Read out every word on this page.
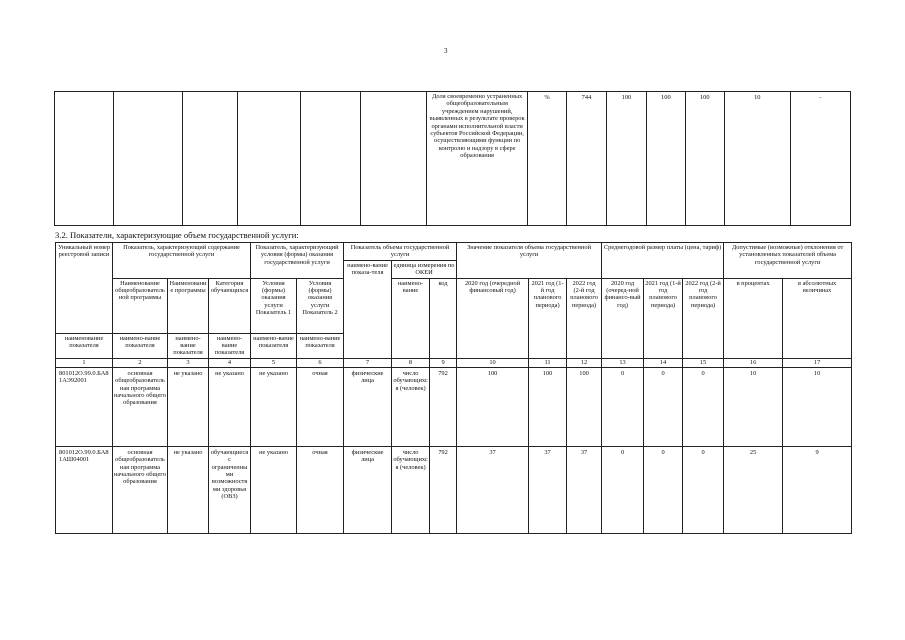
3
						Доля своевременно устраненных общеобразовательным учреждением нарушений, выявленных в результате проверок органами исполнительной власти субъектов Российской Федерации, осуществляющими функции по контролю и надзору в сфере образования	%	744	100	100	100	10	-
3.2. Показатели, характеризующие объем государственной услуги:
Уникальный номер реестровой записи	Показатель, характеризующий содержание государственной услуги			Показатель, характеризующий условия (формы) оказания государственной услуги		Показатель объема государственной услуги			Значение показателя объема государственной услуги			Среднегодовой размер платы (цена, тариф)			Допустимые (возможные) отклонения от установленных показателей объема государственной услуги	
						наимено-вание показа-теля	единица измерения по ОКЕИ									
	Наименование общеобразовательной программы	Наименование программы	Категория обучающихся	Условия (формы) оказания услуги Показатель 1	Условия (формы) оказания услуги Показатель 2		наимено-вание	код	2020 год (очередной финансовый год)	2021 год (1-й год планового периода)	2022 год (2-й год планового периода)	2020 год (очеред-ной финансо-вый год)	2021 год (1-й год планового периода)	2022 год (2-й год планового периода)	в процентах	в абсолютных величинах
наименование показателя	наимено-вание показателя	наимено-вание показателя	наимено-вание показателя	наимено-вание показателя	наимено-вание показателя											
1	2	3	4	5	6	7	8	9	10	11	12	13	14	15	16	17
801012О.99.0.БА81АЭ92001	основная общеобразовательная программа начального общего образования	не указано	не указано	не указано	очная	физические лица	число обучающихся (человек)	792	100	100	100	0	0	0	10	10
801012О.99.0.БА81АШ04001	основная общеобразовательная программа начального общего образования	не указано	обучающиеся с ограниченными возможностями здоровья (ОВЗ)	не указано	очная	физические лица	число обучающихся (человек)	792	37	37	37	0	0	0	25	9
